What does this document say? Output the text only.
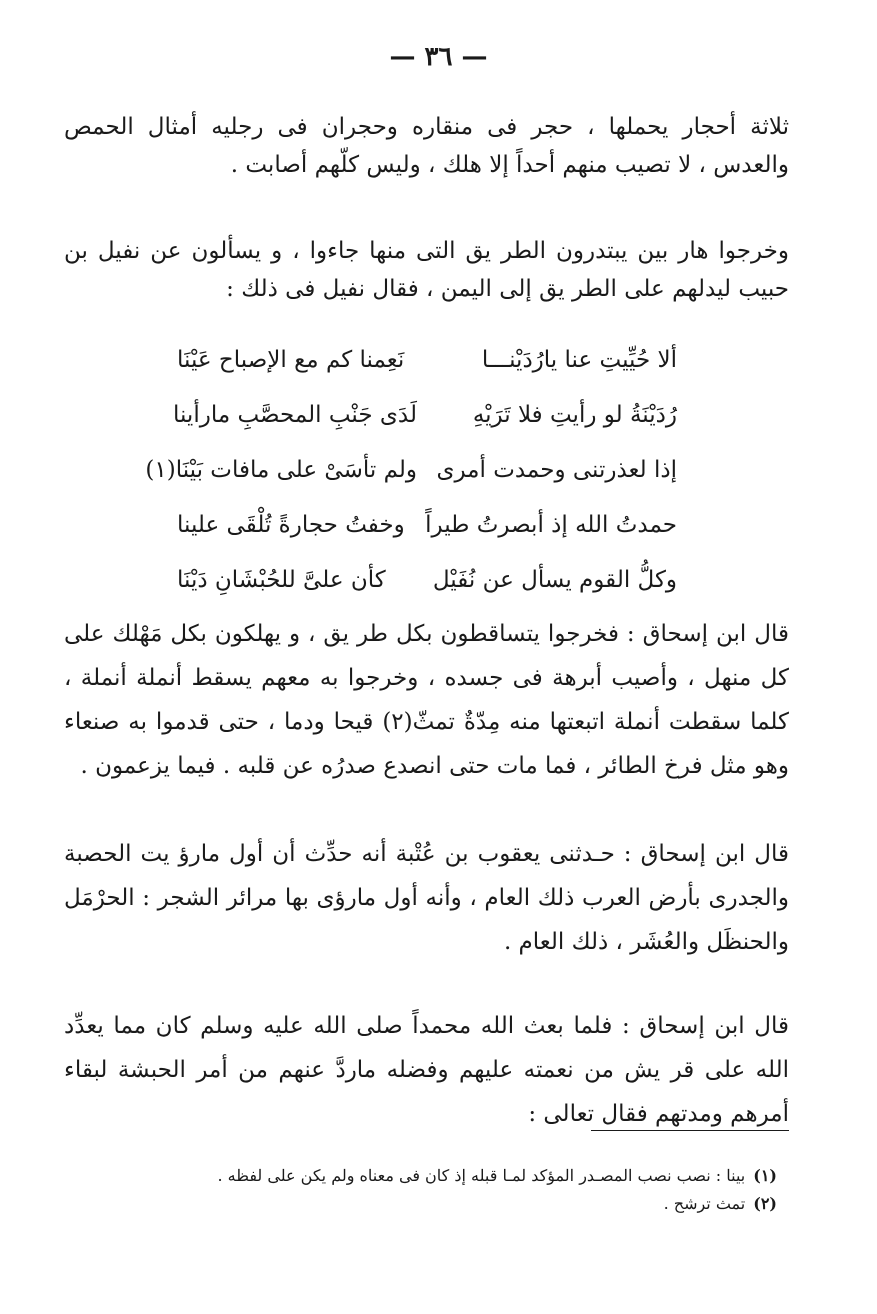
— ٣٦ —

ثلاثة أحجار يحملها ، حجر فى منقاره وحجران فى رجليه أمثال الحمص والعدس ، لا تصيب منهم أحداً إلا هلك ، وليس كلّهم أصابت .

وخرجوا هار بين يبتدرون الطر يق التى منها جاءوا ، و يسألون عن نفيل بن حبيب ليدلهم على الطر يق إلى اليمن ، فقال نفيل فى ذلك :

ألا حُيِّيتِ عنا يارُدَيْنـــا
نَعِمنا كم مع الإصباح عَيْنَا
رُدَيْنَةُ لو رأيتِ فلا تَرَيْهِ
لَدَى جَنْبِ المحصَّبِ مارأينا
إذا لعذرتنى وحمدت أمرى
ولم تأسَىْ على مافات بَيْنَا(١)
حمدتُ الله إذ أبصرتُ طيراً
وخفتُ حجارةً تُلْقَى علينا
وكلُّ القوم يسأل عن نُفَيْل
كأن علىَّ للحُبْشَانِ دَيْنَا

قال ابن إسحاق : فخرجوا يتساقطون بكل طر يق ، و يهلكون بكل مَهْلك على كل منهل ، وأصيب أبرهة فى جسده ، وخرجوا به معهم يسقط أنملة أنملة ، كلما سقطت أنملة اتبعتها منه مِدّةٌ تمثّ(٢) قيحا ودما ، حتى قدموا به صنعاء وهو مثل فرخ الطائر ، فما مات حتى انصدع صدرُه عن قلبه . فيما يزعمون .

قال ابن إسحاق : حـدثنى يعقوب بن عُتْبة أنه حدِّث أن أول مارؤ يت الحصبة والجدرى بأرض العرب ذلك العام ، وأنه أول مارؤى بها مرائر الشجر : الحرْمَل والحنظَل والعُشَر ، ذلك العام .

قال ابن إسحاق : فلما بعث الله محمداً صلى الله عليه وسلم كان مما يعدِّد الله على قر يش من نعمته عليهم وفضله ماردَّ عنهم من أمر الحبشة لبقاء أمرهم ومدتهم فقال تعالى :

(١)بينا : نصب نصب المصـدر المؤكد لمـا قبله إذ كان فى معناه ولم يكن على لفظه .
(٢)تمث ترشح .
